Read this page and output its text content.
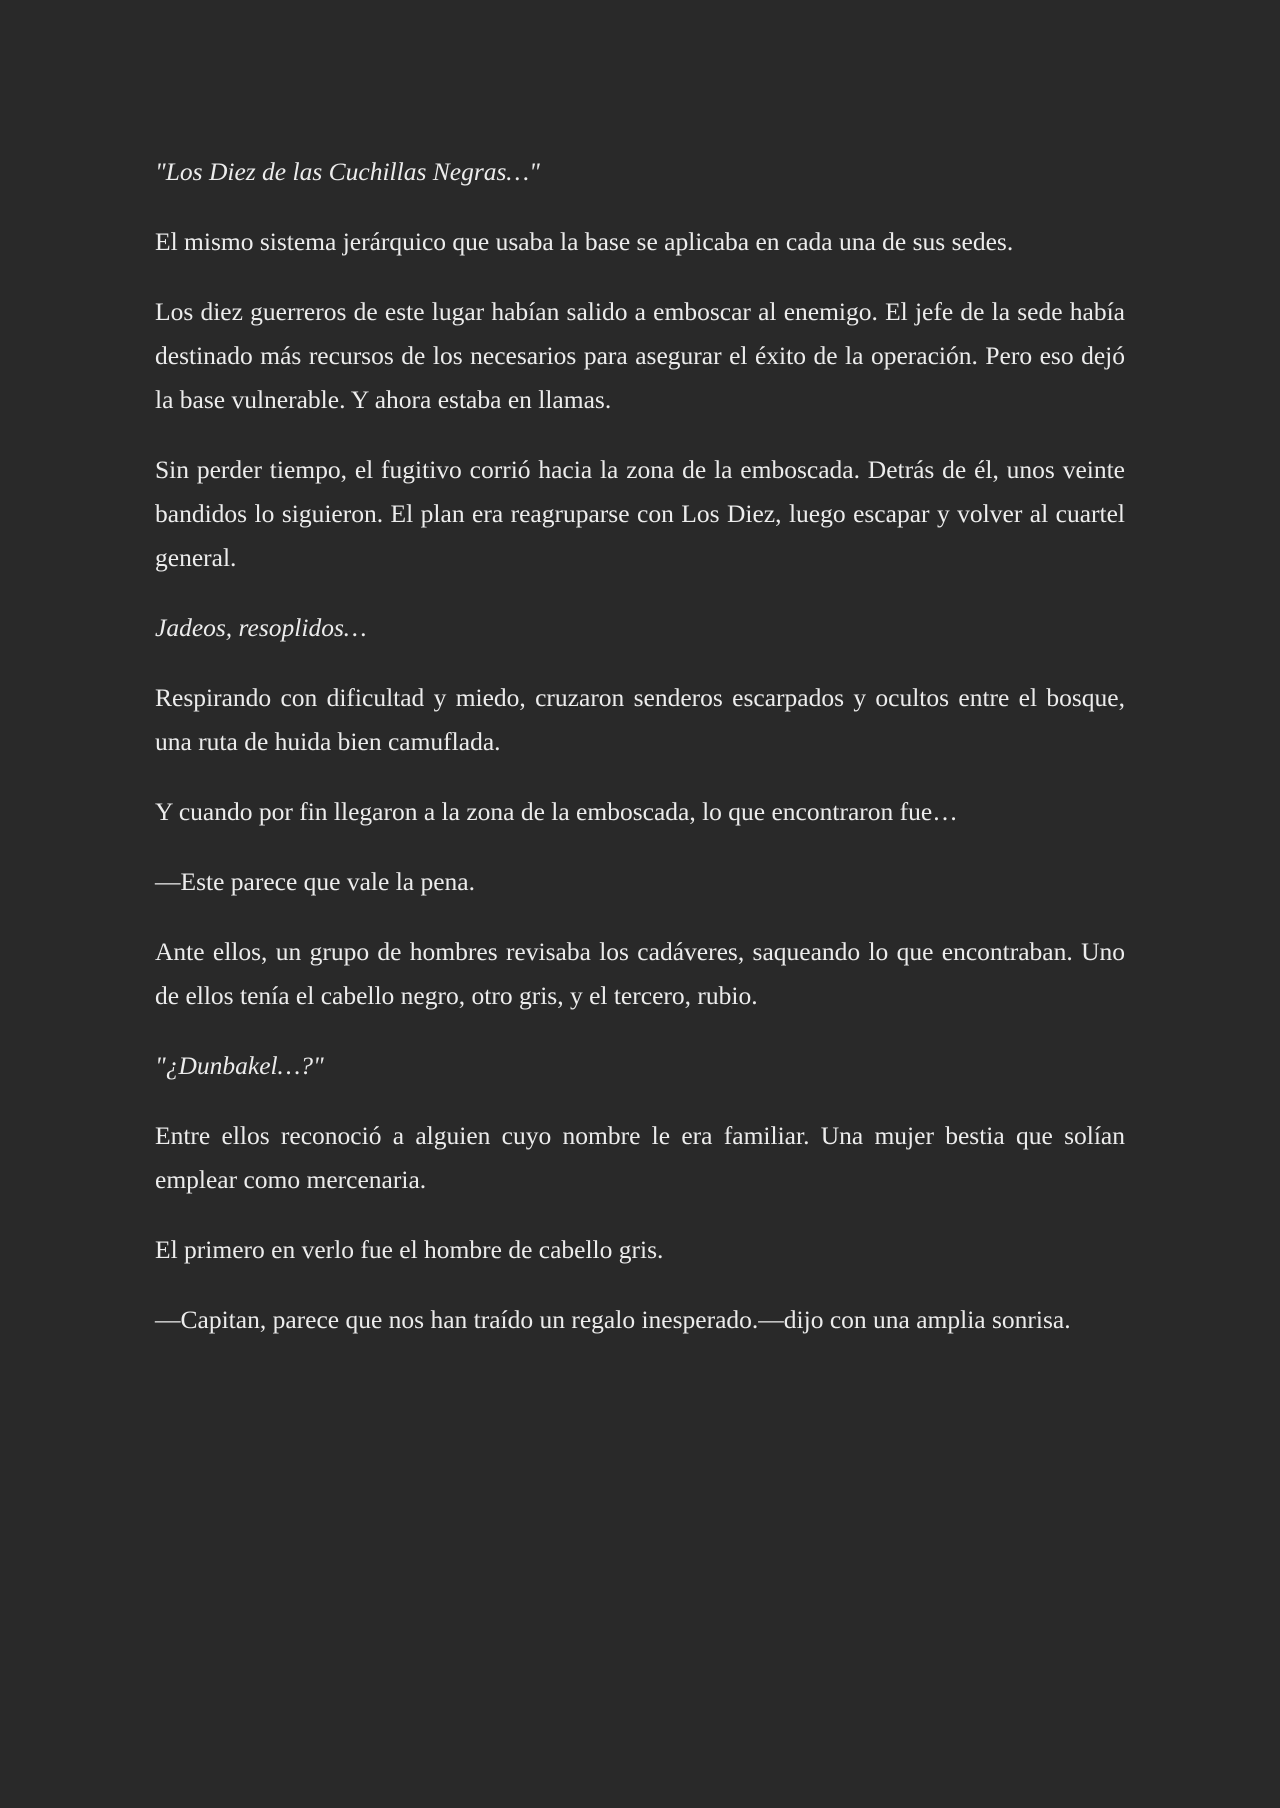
"Los Diez de las Cuchillas Negras…"

El mismo sistema jerárquico que usaba la base se aplicaba en cada una de sus sedes.

Los diez guerreros de este lugar habían salido a emboscar al enemigo. El jefe de la sede había destinado más recursos de los necesarios para asegurar el éxito de la operación. Pero eso dejó la base vulnerable. Y ahora estaba en llamas.

Sin perder tiempo, el fugitivo corrió hacia la zona de la emboscada. Detrás de él, unos veinte bandidos lo siguieron. El plan era reagruparse con Los Diez, luego escapar y volver al cuartel general.

Jadeos, resoplidos…

Respirando con dificultad y miedo, cruzaron senderos escarpados y ocultos entre el bosque, una ruta de huida bien camuflada.

Y cuando por fin llegaron a la zona de la emboscada, lo que encontraron fue…

—Este parece que vale la pena.

Ante ellos, un grupo de hombres revisaba los cadáveres, saqueando lo que encontraban. Uno de ellos tenía el cabello negro, otro gris, y el tercero, rubio.

"¿Dunbakel…?"

Entre ellos reconoció a alguien cuyo nombre le era familiar. Una mujer bestia que solían emplear como mercenaria.

El primero en verlo fue el hombre de cabello gris.

—Capitan, parece que nos han traído un regalo inesperado.—dijo con una amplia sonrisa.
